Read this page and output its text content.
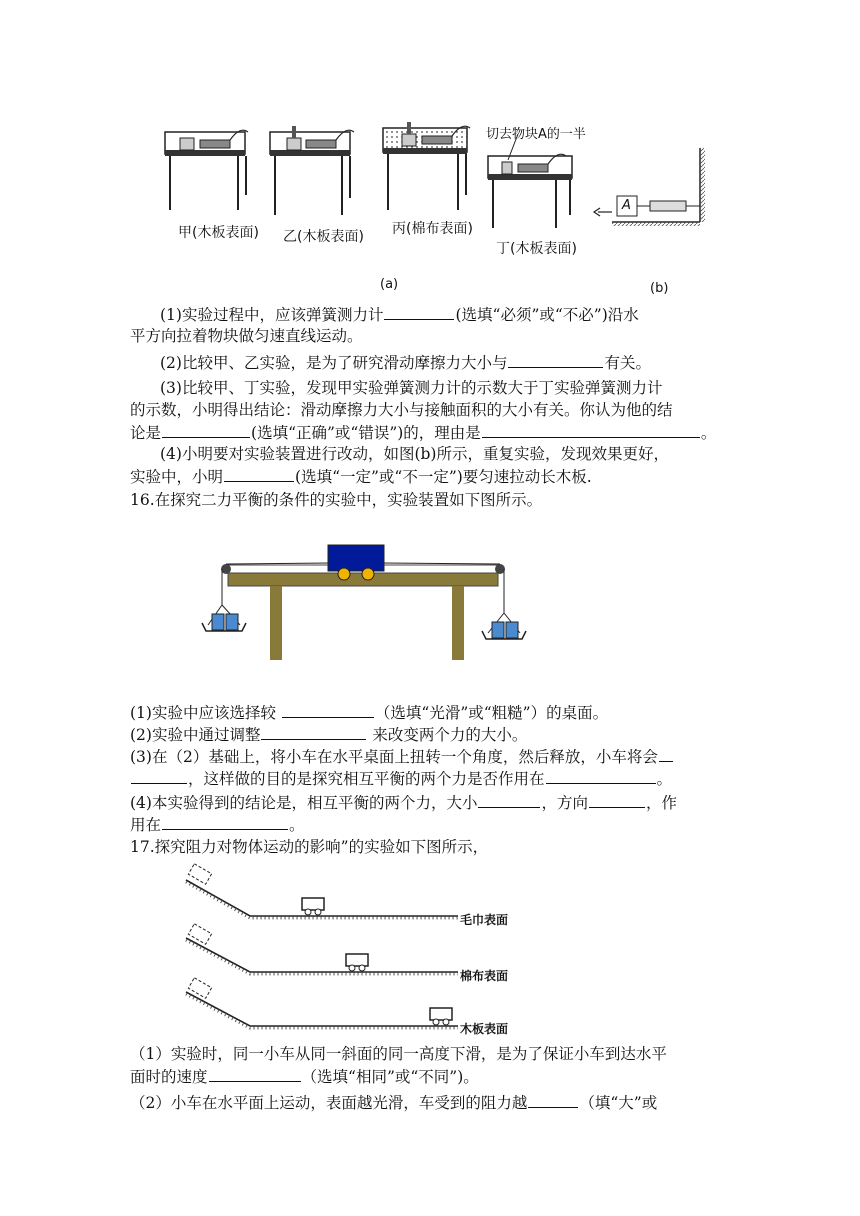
甲(木板表面) 乙(木板表面) 丙(棉布表面)
丁(木板表面)
切去物块A的一半
A
(a)	(b)
(1)实验过程中，应该弹簧测力计	(选填“必须”或“不必”)沿水
平方向拉着物块做匀速直线运动。
(2)比较甲、乙实验，是为了研究滑动摩擦力大小与	有关。
(3)比较甲、丁实验，发现甲实验弹簧测力计的示数大于丁实验弹簧测力计
的示数，小明得出结论：滑动摩擦力大小与接触面积的大小有关。你认为他的结
论是	(选填“正确”或“错误”)的，理由是	。
(4)小明要对实验装置进行改动，如图(b)所示，重复实验，发现效果更好，
实验中，小明	(选填“一定”或“不一定”)要匀速拉动长木板.
16.在探究二力平衡的条件的实验中，实验装置如下图所示。
(1)实验中应该选择较	（选填“光滑”或“粗糙”）的桌面。
(2)实验中通过调整	来改变两个力的大小。
(3)在（2）基础上，将小车在水平桌面上扭转一个角度，然后释放，小车将会
，这样做的目的是探究相互平衡的两个力是否作用在	。
(4)本实验得到的结论是，相互平衡的两个力，大小	，方向	，作
用在	。
17.探究阻力对物体运动的影响”的实验如下图所示，
毛巾表面
棉布表面
木板表面
（1）实验时，同一小车从同一斜面的同一高度下滑，是为了保证小车到达水平
面时的速度	（选填“相同”或“不同”)。
（2）小车在水平面上运动，表面越光滑，车受到的阻力越	（填“大”或
